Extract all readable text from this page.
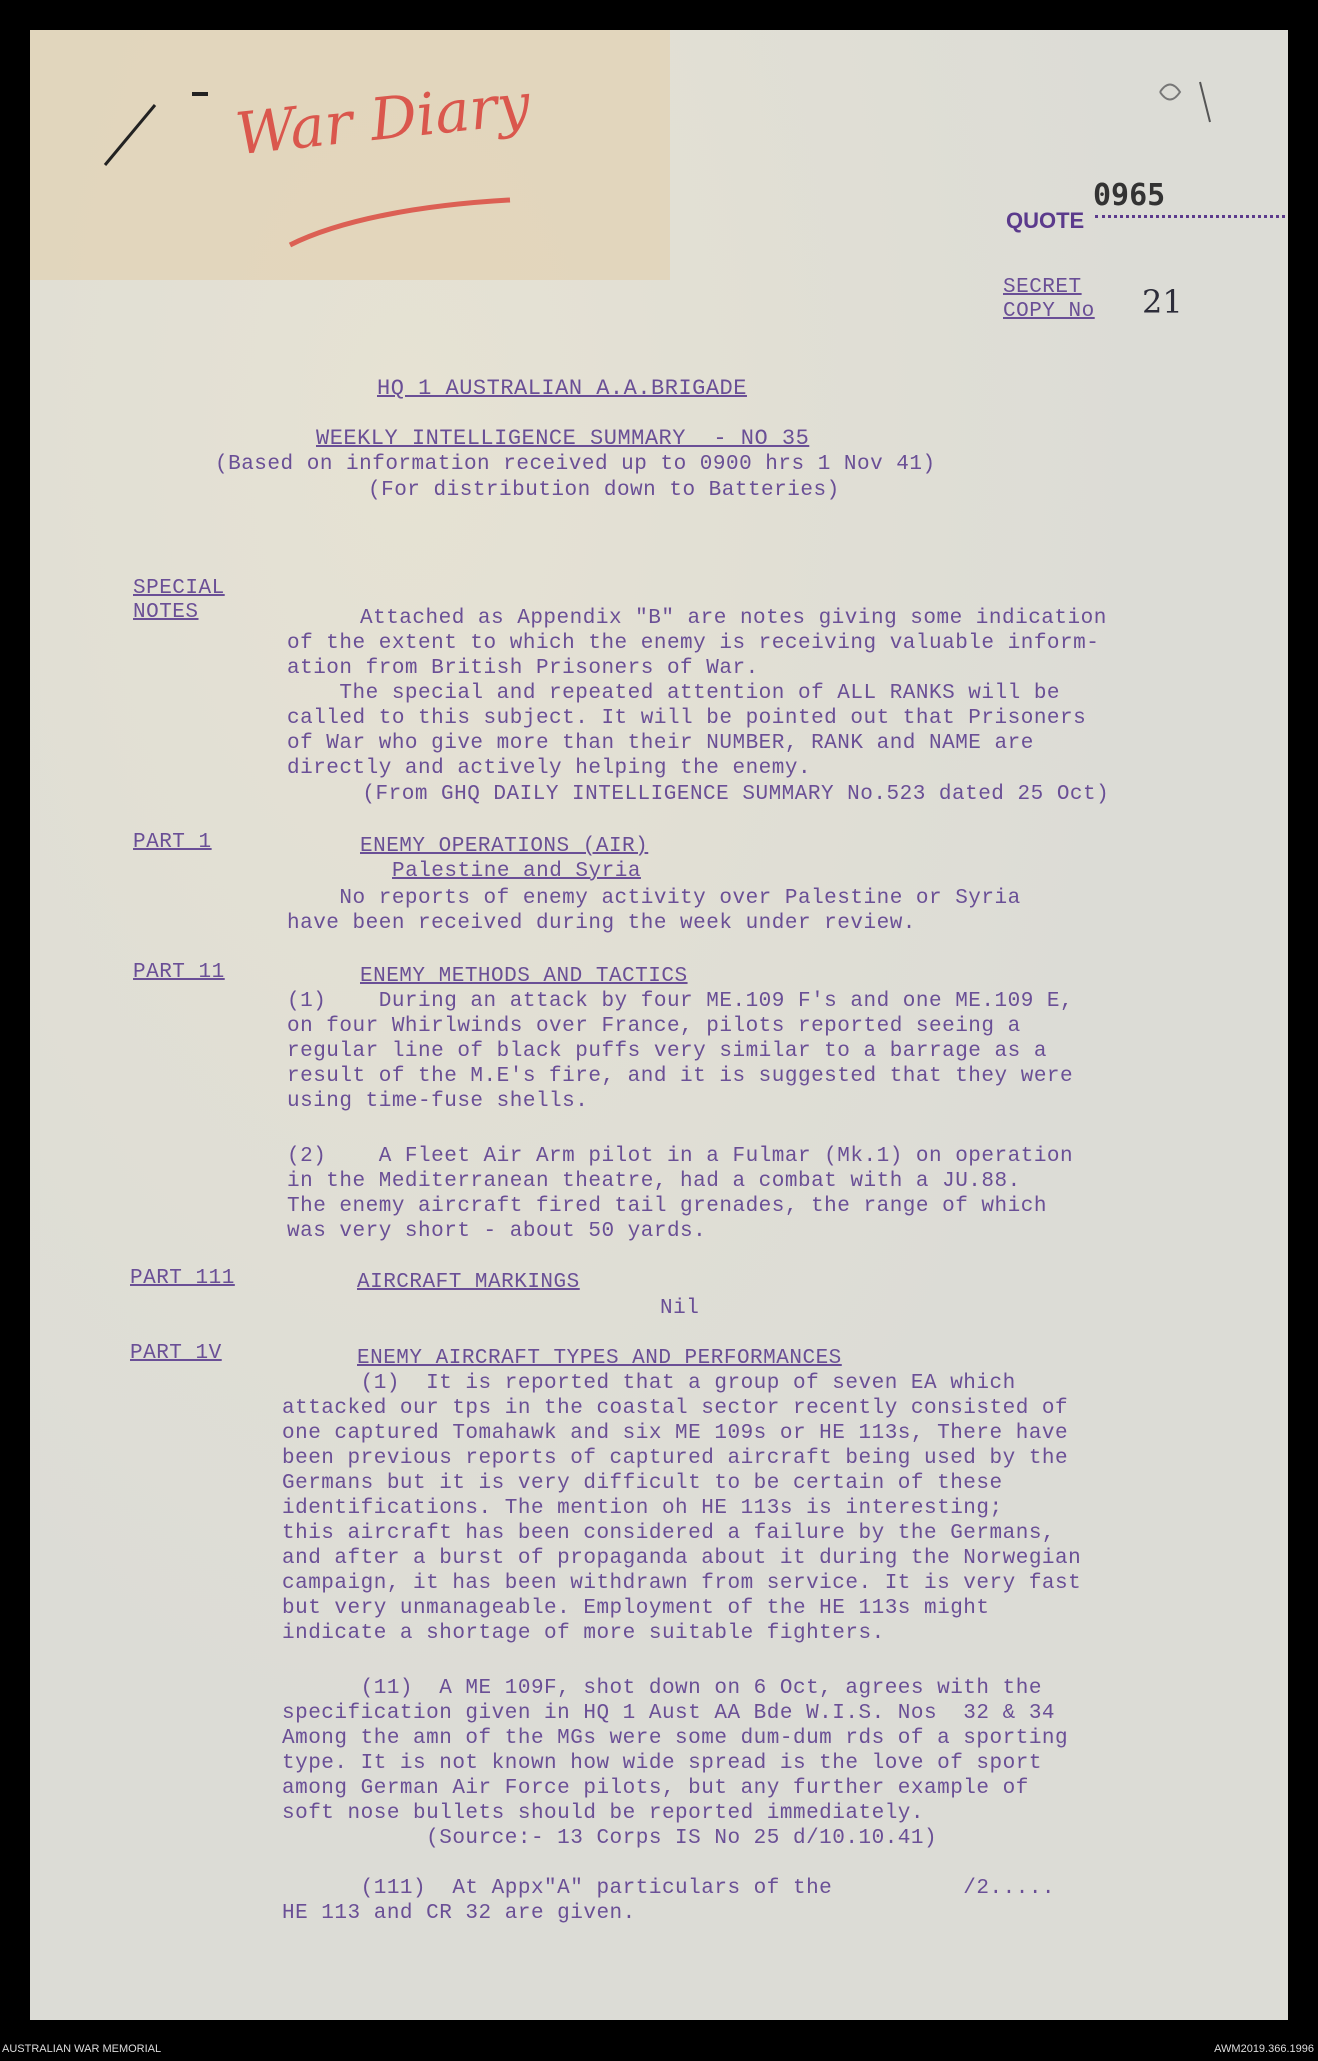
War Diary
0965
QUOTE
SECRET
COPY No 21
HQ 1 AUSTRALIAN A.A.BRIGADE
WEEKLY INTELLIGENCE SUMMARY  - NO 35
(Based on information received up to 0900 hrs 1 Nov 41)
(For distribution down to Batteries)
SPECIAL
NOTES	Attached as Appendix "B" are notes giving some indication
of the extent to which the enemy is receiving valuable inform-
ation from British Prisoners of War.
The special and repeated attention of ALL RANKS will be
called to this subject. It will be pointed out that Prisoners
of War who give more than their NUMBER, RANK and NAME are
directly and actively helping the enemy.
(From GHQ DAILY INTELLIGENCE SUMMARY No.523 dated 25 Oct)
PART 1	ENEMY OPERATIONS (AIR)
Palestine and Syria
No reports of enemy activity over Palestine or Syria
have been received during the week under review.
PART 11	ENEMY METHODS AND TACTICS
(1)    During an attack by four ME.109 F's and one ME.109 E,
on four Whirlwinds over France, pilots reported seeing a
regular line of black puffs very similar to a barrage as a
result of the M.E's fire, and it is suggested that they were
using time-fuse shells.
(2)    A Fleet Air Arm pilot in a Fulmar (Mk.1) on operation
in the Mediterranean theatre, had a combat with a JU.88.
The enemy aircraft fired tail grenades, the range of which
was very short - about 50 yards.
PART 111	AIRCRAFT MARKINGS
Nil
PART 1V	ENEMY AIRCRAFT TYPES AND PERFORMANCES
(1)  It is reported that a group of seven EA which
attacked our tps in the coastal sector recently consisted of
one captured Tomahawk and six ME 109s or HE 113s, There have
been previous reports of captured aircraft being used by the
Germans but it is very difficult to be certain of these
identifications. The mention oh HE 113s is interesting;
this aircraft has been considered a failure by the Germans,
and after a burst of propaganda about it during the Norwegian
campaign, it has been withdrawn from service. It is very fast
but very unmanageable. Employment of the HE 113s might
indicate a shortage of more suitable fighters.
(11)  A ME 109F, shot down on 6 Oct, agrees with the
specification given in HQ 1 Aust AA Bde W.I.S. Nos  32 & 34
Among the amn of the MGs were some dum-dum rds of a sporting
type. It is not known how wide spread is the love of sport
among German Air Force pilots, but any further example of
soft nose bullets should be reported immediately.
(Source:- 13 Corps IS No 25 d/10.10.41)
(111)  At Appx"A" particulars of the          /2.....
HE 113 and CR 32 are given.
AUSTRALIAN WAR MEMORIAL	AWM2019.366.1996
